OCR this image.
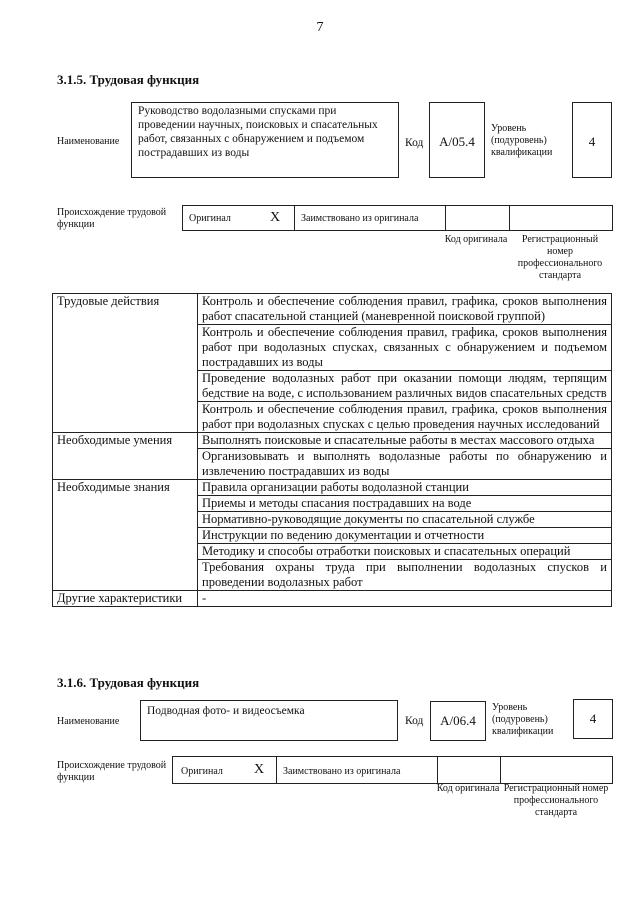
7
3.1.5. Трудовая функция
Наименование
Руководство водолазными спусками при проведении научных, поисковых и спасательных работ, связанных с обнаружением и подъемом пострадавших из воды
Код	A/05.4
Уровень (подуровень) квалификации
4
Происхождение трудовой функции
Оригинал	X Заимствовано из оригинала
Код оригинала	Регистрационный номер профессионального стандарта
Трудовые действия	Контроль и обеспечение соблюдения правил, графика, сроков выполнения работ спасательной станцией (маневренной поисковой группой)
	Контроль и обеспечение соблюдения правил, графика, сроков выполнения работ при водолазных спусках, связанных с обнаружением и подъемом пострадавших из воды
	Проведение водолазных работ при оказании помощи людям, терпящим бедствие на воде, с использованием различных видов спасательных средств
	Контроль и обеспечение соблюдения правил, графика, сроков выполнения работ при водолазных спусках с целью проведения научных исследований
Необходимые умения	Выполнять поисковые и спасательные работы в местах массового отдыха
	Организовывать и выполнять водолазные работы по обнаружению и извлечению пострадавших из воды
Необходимые знания	Правила организации работы водолазной станции
	Приемы и методы спасания пострадавших на воде
	Нормативно-руководящие документы по спасательной службе
	Инструкции по ведению документации и отчетности
	Методику и способы отработки поисковых и спасательных операций
	Требования охраны труда при выполнении водолазных спусков и проведении водолазных работ
Другие характеристики	-
3.1.6. Трудовая функция
Наименование
Подводная фото- и видеосъемка
Код	A/06.4
Уровень (подуровень) квалификации
4
Происхождение трудовой функции
Оригинал X Заимствовано из оригинала
Код оригинала Регистрационный номер профессионального стандарта
